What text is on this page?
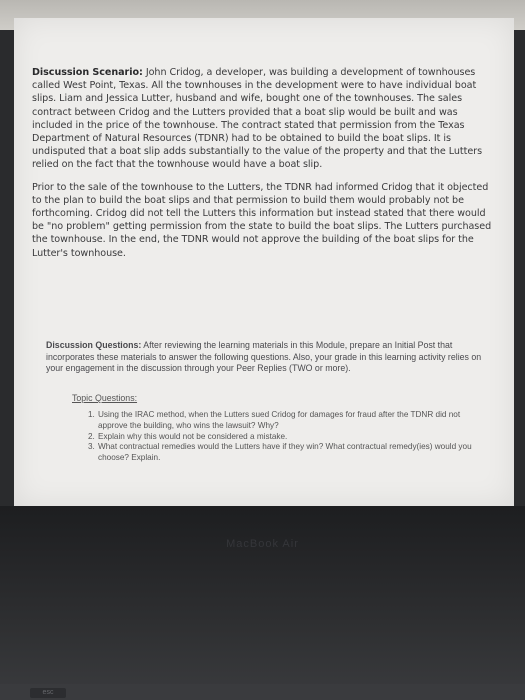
Discussion Scenario: John Cridog, a developer, was building a development of townhouses called West Point, Texas. All the townhouses in the development were to have individual boat slips. Liam and Jessica Lutter, husband and wife, bought one of the townhouses. The sales contract between Cridog and the Lutters provided that a boat slip would be built and was included in the price of the townhouse. The contract stated that permission from the Texas Department of Natural Resources (TDNR) had to be obtained to build the boat slips. It is undisputed that a boat slip adds substantially to the value of the property and that the Lutters relied on the fact that the townhouse would have a boat slip.

Prior to the sale of the townhouse to the Lutters, the TDNR had informed Cridog that it objected to the plan to build the boat slips and that permission to build them would probably not be forthcoming. Cridog did not tell the Lutters this information but instead stated that there would be "no problem" getting permission from the state to build the boat slips. The Lutters purchased the townhouse. In the end, the TDNR would not approve the building of the boat slips for the Lutter's townhouse.

Discussion Questions: After reviewing the learning materials in this Module, prepare an Initial Post that incorporates these materials to answer the following questions. Also, your grade in this learning activity relies on your engagement in the discussion through your Peer Replies (TWO or more).

Topic Questions:
1. Using the IRAC method, when the Lutters sued Cridog for damages for fraud after the TDNR did not approve the building, who wins the lawsuit? Why?
2. Explain why this would not be considered a mistake.
3. What contractual remedies would the Lutters have if they win? What contractual remedy(ies) would you choose? Explain.
MacBook Air
esc
